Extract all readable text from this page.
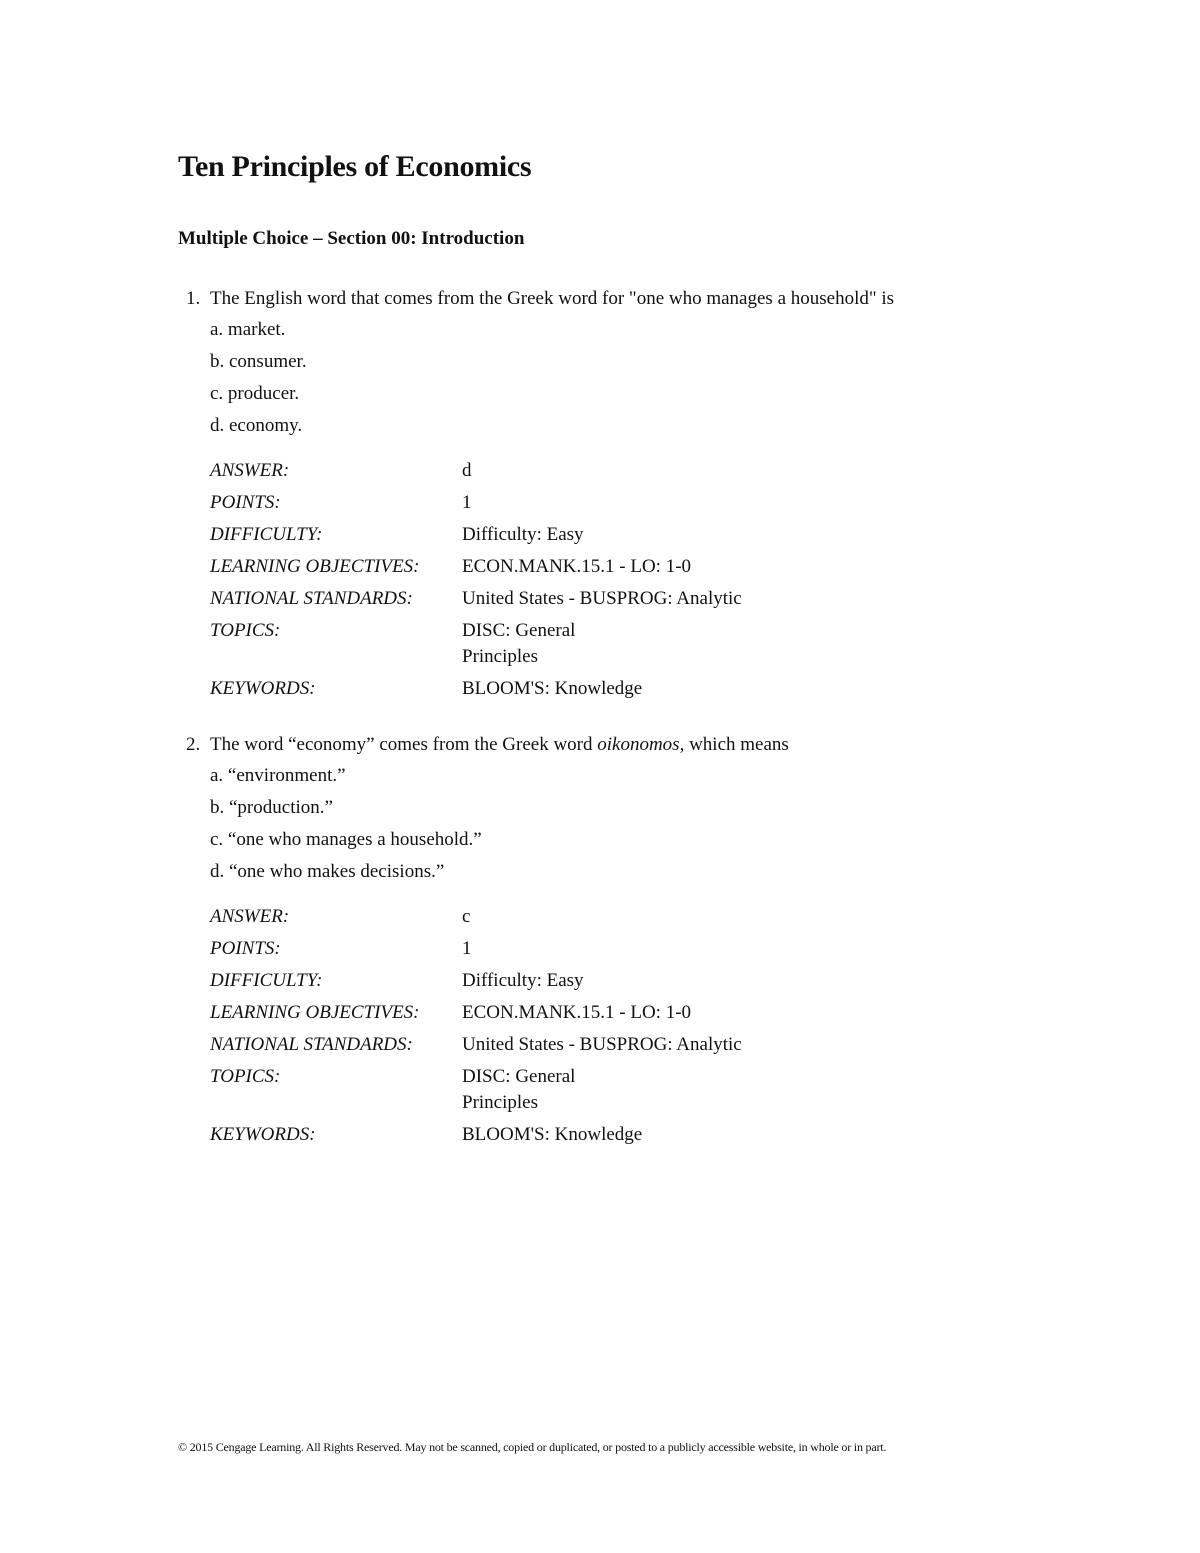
Ten Principles of Economics
Multiple Choice – Section 00: Introduction
1. The English word that comes from the Greek word for "one who manages a household" is
a. market.
b. consumer.
c. producer.
d. economy.
ANSWER:	d
POINTS:	1
DIFFICULTY:	Difficulty: Easy
LEARNING OBJECTIVES:	ECON.MANK.15.1 - LO: 1-0
NATIONAL STANDARDS:	United States - BUSPROG: Analytic
TOPICS:	DISC: General Principles
KEYWORDS:	BLOOM'S: Knowledge
2. The word “economy” comes from the Greek word oikonomos, which means
a. “environment.”
b. “production.”
c. “one who manages a household.”
d. “one who makes decisions.”
ANSWER:	c
POINTS:	1
DIFFICULTY:	Difficulty: Easy
LEARNING OBJECTIVES:	ECON.MANK.15.1 - LO: 1-0
NATIONAL STANDARDS:	United States - BUSPROG: Analytic
TOPICS:	DISC: General Principles
KEYWORDS:	BLOOM'S: Knowledge
© 2015 Cengage Learning. All Rights Reserved. May not be scanned, copied or duplicated, or posted to a publicly accessible website, in whole or in part.
